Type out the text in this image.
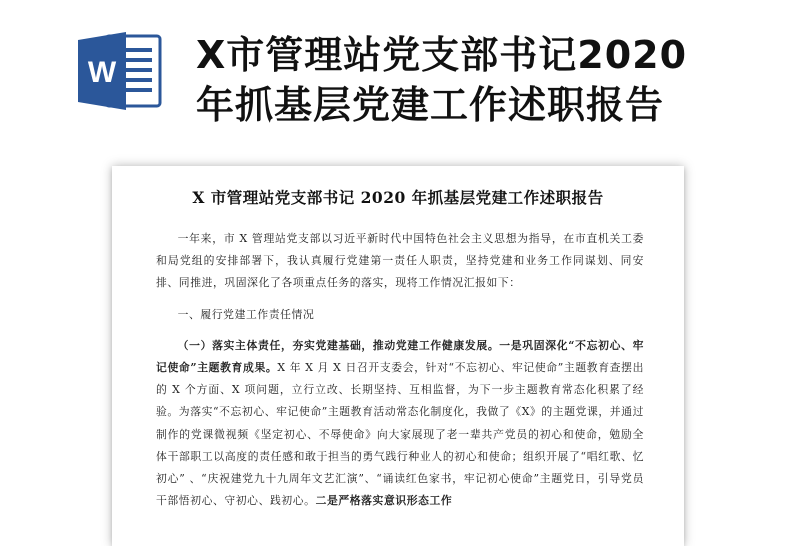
W X市管理站党支部书记2020
年抓基层党建工作述职报告
X 市管理站党支部书记 2020 年抓基层党建工作述职报告

一年来，市 X 管理站党支部以习近平新时代中国特色社会主义思想为指导，在市直机关工委和局党组的安排部署下，我认真履行党建第一责任人职责，坚持党建和业务工作同谋划、同安排、同推进，巩固深化了各项重点任务的落实，现将工作情况汇报如下：

一、履行党建工作责任情况

（一）落实主体责任，夯实党建基础，推动党建工作健康发展。一是巩固深化“不忘初心、牢记使命”主题教育成果。X 年 X 月 X 日召开支委会，针对“不忘初心、牢记使命”主题教育查摆出的 X 个方面、X 项问题，立行立改、长期坚持、互相监督，为下一步主题教育常态化积累了经验。为落实“不忘初心、牢记使命”主题教育活动常态化制度化，我做了《X》的主题党课，并通过制作的党课微视频《坚定初心、不辱使命》向大家展现了老一辈共产党员的初心和使命，勉励全体干部职工以高度的责任感和敢于担当的勇气践行种业人的初心和使命；组织开展了“唱红歌、忆初心” 、“庆祝建党九十九周年文艺汇演”、“诵读红色家书，牢记初心使命”主题党日，引导党员干部悟初心、守初心、践初心。二是严格落实意识形态工作
